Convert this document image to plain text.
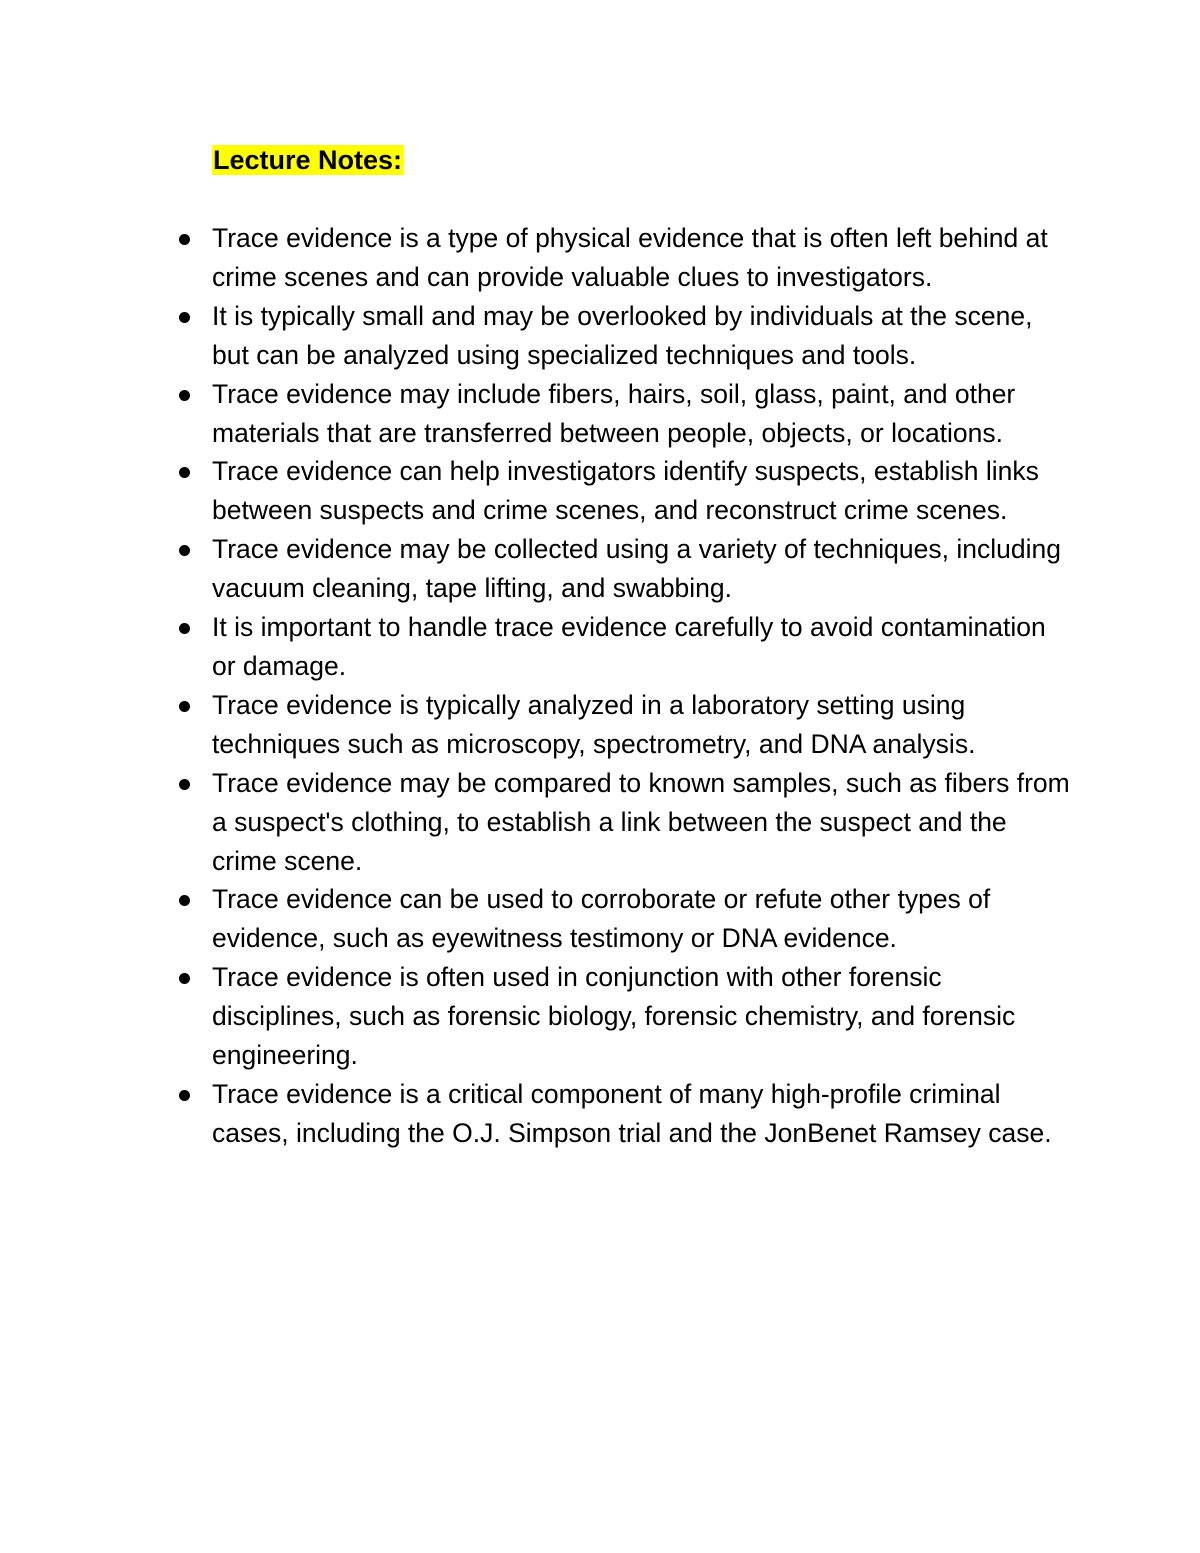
Lecture Notes:
Trace evidence is a type of physical evidence that is often left behind at crime scenes and can provide valuable clues to investigators.
It is typically small and may be overlooked by individuals at the scene, but can be analyzed using specialized techniques and tools.
Trace evidence may include fibers, hairs, soil, glass, paint, and other materials that are transferred between people, objects, or locations.
Trace evidence can help investigators identify suspects, establish links between suspects and crime scenes, and reconstruct crime scenes.
Trace evidence may be collected using a variety of techniques, including vacuum cleaning, tape lifting, and swabbing.
It is important to handle trace evidence carefully to avoid contamination or damage.
Trace evidence is typically analyzed in a laboratory setting using techniques such as microscopy, spectrometry, and DNA analysis.
Trace evidence may be compared to known samples, such as fibers from a suspect's clothing, to establish a link between the suspect and the crime scene.
Trace evidence can be used to corroborate or refute other types of evidence, such as eyewitness testimony or DNA evidence.
Trace evidence is often used in conjunction with other forensic disciplines, such as forensic biology, forensic chemistry, and forensic engineering.
Trace evidence is a critical component of many high-profile criminal cases, including the O.J. Simpson trial and the JonBenet Ramsey case.
